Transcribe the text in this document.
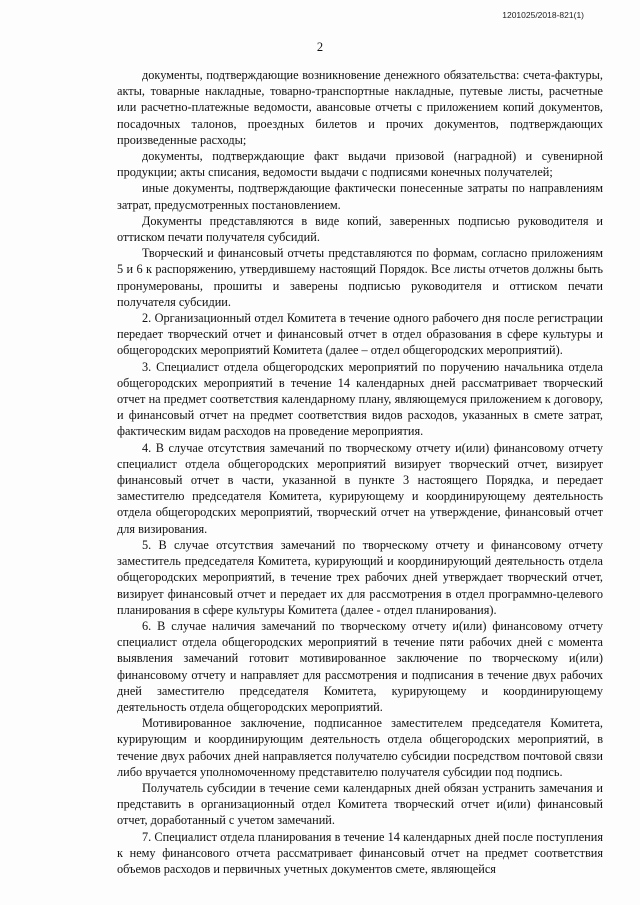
1201025/2018-821(1)
2

документы, подтверждающие возникновение денежного обязательства: счета-фактуры, акты, товарные накладные, товарно-транспортные накладные, путевые листы, расчетные или расчетно-платежные ведомости, авансовые отчеты с приложением копий документов, посадочных талонов, проездных билетов и прочих документов, подтверждающих произведенные расходы;

документы, подтверждающие факт выдачи призовой (наградной) и сувенирной продукции; акты списания, ведомости выдачи с подписями конечных получателей;

иные документы, подтверждающие фактически понесенные затраты по направлениям затрат, предусмотренных постановлением.

Документы представляются в виде копий, заверенных подписью руководителя и оттиском печати получателя субсидий.

Творческий и финансовый отчеты представляются по формам, согласно приложениям 5 и 6 к распоряжению, утвердившему настоящий Порядок. Все листы отчетов должны быть пронумерованы, прошиты и заверены подписью руководителя и оттиском печати получателя субсидии.

2. Организационный отдел Комитета в течение одного рабочего дня после регистрации передает творческий отчет и финансовый отчет в отдел образования в сфере культуры и общегородских мероприятий Комитета (далее – отдел общегородских мероприятий).

3. Специалист отдела общегородских мероприятий по поручению начальника отдела общегородских мероприятий в течение 14 календарных дней рассматривает творческий отчет на предмет соответствия календарному плану, являющемуся приложением к договору, и финансовый отчет на предмет соответствия видов расходов, указанных в смете затрат, фактическим видам расходов на проведение мероприятия.

4. В случае отсутствия замечаний по творческому отчету и(или) финансовому отчету специалист отдела общегородских мероприятий визирует творческий отчет, визирует финансовый отчет в части, указанной в пункте 3 настоящего Порядка, и передает заместителю председателя Комитета, курирующему и координирующему деятельность отдела общегородских мероприятий, творческий отчет на утверждение, финансовый отчет для визирования.

5. В случае отсутствия замечаний по творческому отчету и финансовому отчету заместитель председателя Комитета, курирующий и координирующий деятельность отдела общегородских мероприятий, в течение трех рабочих дней утверждает творческий отчет, визирует финансовый отчет и передает их для рассмотрения в отдел программно-целевого планирования в сфере культуры Комитета (далее - отдел планирования).

6. В случае наличия замечаний по творческому отчету и(или) финансовому отчету специалист отдела общегородских мероприятий в течение пяти рабочих дней с момента выявления замечаний готовит мотивированное заключение по творческому и(или) финансовому отчету и направляет для рассмотрения и подписания в течение двух рабочих дней заместителю председателя Комитета, курирующему и координирующему деятельность отдела общегородских мероприятий.

Мотивированное заключение, подписанное заместителем председателя Комитета, курирующим и координирующим деятельность отдела общегородских мероприятий, в течение двух рабочих дней направляется получателю субсидии посредством почтовой связи либо вручается уполномоченному представителю получателя субсидии под подпись.

Получатель субсидии в течение семи календарных дней обязан устранить замечания и представить в организационный отдел Комитета творческий отчет и(или) финансовый отчет, доработанный с учетом замечаний.

7. Специалист отдела планирования в течение 14 календарных дней после поступления к нему финансового отчета рассматривает финансовый отчет на предмет соответствия объемов расходов и первичных учетных документов смете, являющейся
